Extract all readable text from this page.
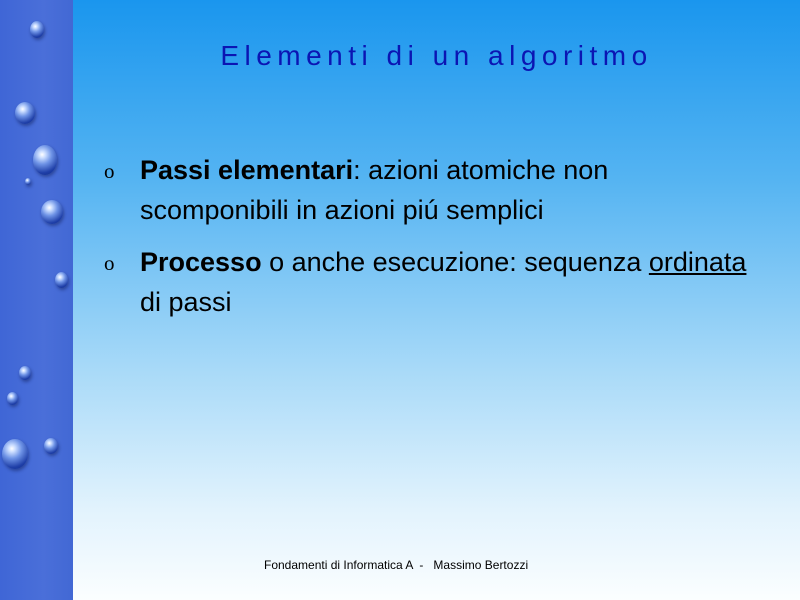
Elementi di un algoritmo
o Passi elementari: azioni atomiche non scomponibili in azioni piú semplici
o Processo o anche esecuzione: sequenza ordinata di passi
Fondamenti di Informatica A - Massimo Bertozzi
